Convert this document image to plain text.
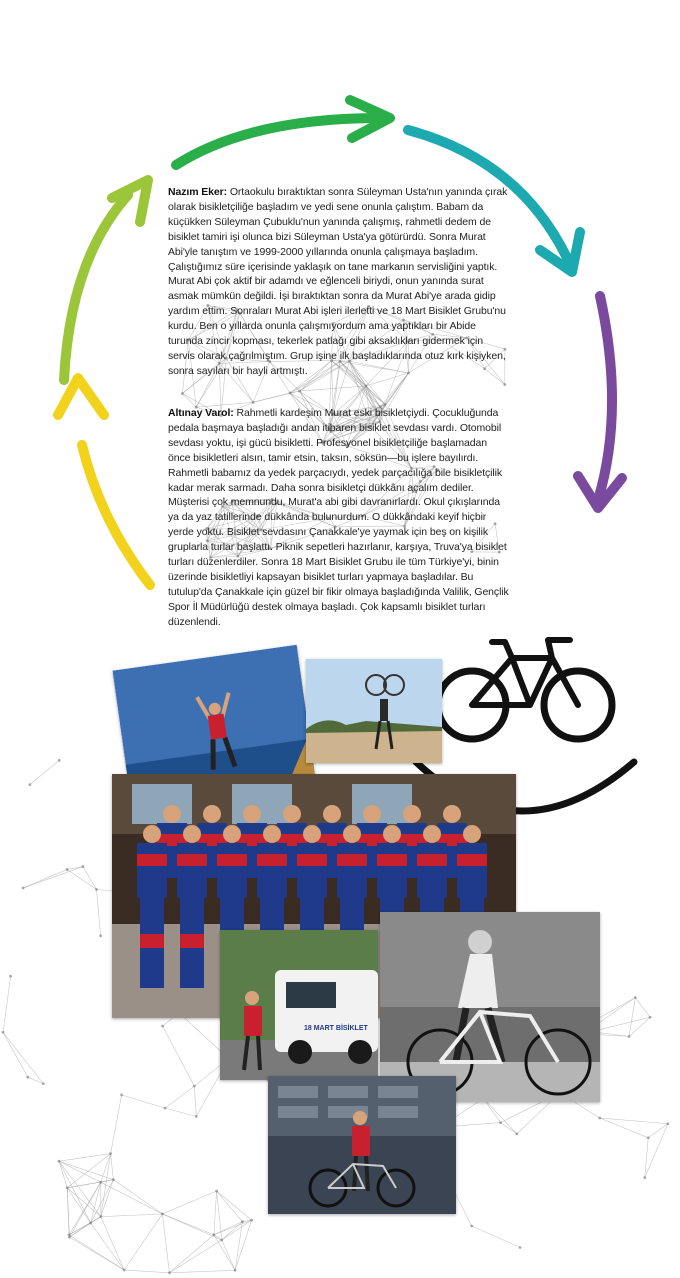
Nazım Eker: Ortaokulu bıraktıktan sonra Süleyman Usta'nın yanında çırak olarak bisikletçiliğe başladım ve yedi sene onunla çalıştım. Babam da küçükken Süleyman Çubuklu'nun yanında çalışmış, rahmetli dedem de bisiklet tamiri işi olunca bizi Süleyman Usta'ya götürürdü. Sonra Murat Abi'yle tanıştım ve 1999-2000 yıllarında onunla çalışmaya başladım. Çalıştığımız süre içerisinde yaklaşık on tane markanın servisliğini yaptık. Murat Abi çok aktif bir adamdı ve eğlenceli biriydi, onun yanında surat asmak mümkün değildi. İşi bıraktıktan sonra da Murat Abi'ye arada gidip yardım ettim. Sonraları Murat Abi işleri ilerletti ve 18 Mart Bisiklet Grubu'nu kurdu. Ben o yıllarda onunla çalışmıyordum ama yaptıkları bir Abide turunda zincir kopması, tekerlek patlağı gibi aksaklıkları gidermek için servis olarak çağrılmıştım. Grup işine ilk başladıklarında otuz kırk kişiyken, sonra sayıları bir hayli artmıştı.
Altınay Varol: Rahmetli kardeşim Murat eski bisikletçiydi. Çocukluğunda pedala başmaya başladığı andan itibaren bisiklet sevdası vardı. Otomobil sevdası yoktu, işi gücü bisikletti. Profesyonel bisikletçiliğe başlamadan önce bisikletleri alsın, tamir etsin, taksın, söksün—bu işlere bayılırdı. Rahmetli babamız da yedek parçacıydı, yedek parçacılığa bile bisikletçilik kadar merak sarmadı. Daha sonra bisikletçi dükkânı açalım dediler. Müşterisi çok memnundu, Murat'a abi gibi davranırlardı. Okul çıkışlarında ya da yaz tatillerinde dükkânda bulunurdum. O dükkândaki keyif hiçbir yerde yoktu. Bisiklet sevdasını Çanakkale'ye yaymak için beş on kişilik gruplarla turlar başlattı. Piknik sepetleri hazırlanır, karşıya, Truva'ya bisiklet turları düzenlerdiler. Sonra 18 Mart Bisiklet Grubu ile tüm Türkiye'yi, binin üzerinde bisikletliyi kapsayan bisiklet turları yapmaya başladılar. Bu tutulup'da Çanakkale için güzel bir fikir olmaya başladığında Valilik, Gençlik Spor İl Müdürlüğü destek olmaya başladı. Çok kapsamlı bisiklet turları düzenlendi.
18 MART BİSİKLET
